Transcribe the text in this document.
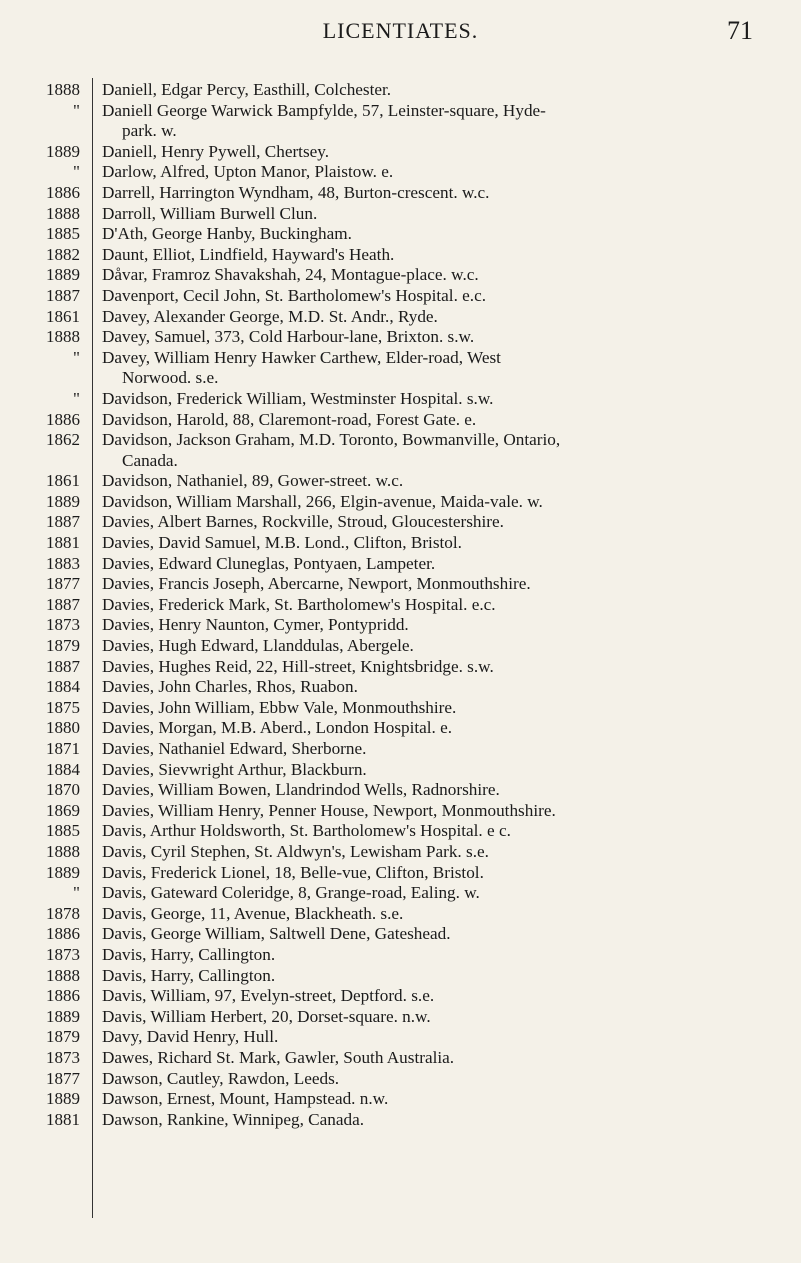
LICENTIATES.	71
1888 Daniell, Edgar Percy, Easthill, Colchester.
" Daniell George Warwick Bampfylde, 57, Leinster-square, Hyde-
park. w.
1889 Daniell, Henry Pywell, Chertsey.
" Darlow, Alfred, Upton Manor, Plaistow. e.
1886 Darrell, Harrington Wyndham, 48, Burton-crescent. w.c.
1888 Darroll, William Burwell Clun.
1885 D'Ath, George Hanby, Buckingham.
1882 Daunt, Elliot, Lindfield, Hayward's Heath.
1889 Dåvar, Framroz Shavakshah, 24, Montague-place. w.c.
1887 Davenport, Cecil John, St. Bartholomew's Hospital. e.c.
1861 Davey, Alexander George, M.D. St. Andr., Ryde.
1888 Davey, Samuel, 373, Cold Harbour-lane, Brixton. s.w.
" Davey, William Henry Hawker Carthew, Elder-road, West
Norwood. s.e.
" Davidson, Frederick William, Westminster Hospital. s.w.
1886 Davidson, Harold, 88, Claremont-road, Forest Gate. e.
1862 Davidson, Jackson Graham, M.D. Toronto, Bowmanville, Ontario,
Canada.
1861 Davidson, Nathaniel, 89, Gower-street. w.c.
1889 Davidson, William Marshall, 266, Elgin-avenue, Maida-vale. w.
1887 Davies, Albert Barnes, Rockville, Stroud, Gloucestershire.
1881 Davies, David Samuel, M.B. Lond., Clifton, Bristol.
1883 Davies, Edward Cluneglas, Pontyaen, Lampeter.
1877 Davies, Francis Joseph, Abercarne, Newport, Monmouthshire.
1887 Davies, Frederick Mark, St. Bartholomew's Hospital. e.c.
1873 Davies, Henry Naunton, Cymer, Pontypridd.
1879 Davies, Hugh Edward, Llanddulas, Abergele.
1887 Davies, Hughes Reid, 22, Hill-street, Knightsbridge. s.w.
1884 Davies, John Charles, Rhos, Ruabon.
1875 Davies, John William, Ebbw Vale, Monmouthshire.
1880 Davies, Morgan, M.B. Aberd., London Hospital. e.
1871 Davies, Nathaniel Edward, Sherborne.
1884 Davies, Sievwright Arthur, Blackburn.
1870 Davies, William Bowen, Llandrindod Wells, Radnorshire.
1869 Davies, William Henry, Penner House, Newport, Monmouthshire.
1885 Davis, Arthur Holdsworth, St. Bartholomew's Hospital. e c.
1888 Davis, Cyril Stephen, St. Aldwyn's, Lewisham Park. s.e.
1889 Davis, Frederick Lionel, 18, Belle-vue, Clifton, Bristol.
" Davis, Gateward Coleridge, 8, Grange-road, Ealing. w.
1878 Davis, George, 11, Avenue, Blackheath. s.e.
1886 Davis, George William, Saltwell Dene, Gateshead.
1873 Davis, Harry, Callington.
1888 Davis, Harry, Callington.
1886 Davis, William, 97, Evelyn-street, Deptford. s.e.
1889 Davis, William Herbert, 20, Dorset-square. n.w.
1879 Davy, David Henry, Hull.
1873 Dawes, Richard St. Mark, Gawler, South Australia.
1877 Dawson, Cautley, Rawdon, Leeds.
1889 Dawson, Ernest, Mount, Hampstead. n.w.
1881 Dawson, Rankine, Winnipeg, Canada.
